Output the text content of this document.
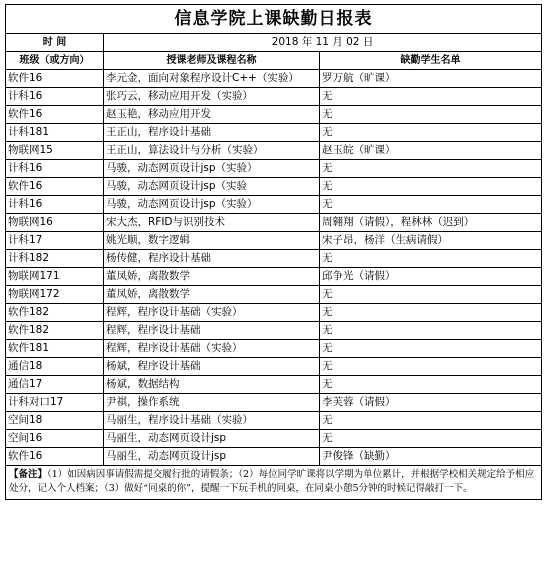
信息学院上课缺勤日报表		
时 间	2018 年 11 月 02 日	
班级（或方向）	授课老师及课程名称	缺勤学生名单
软件16	李元金，面向对象程序设计C++（实验）	罗万航（旷课）
计科16	张巧云，移动应用开发（实验）	无
软件16	赵玉艳，移动应用开发	无
计科181	王正山，程序设计基础	无
物联网15	王正山，算法设计与分析（实验）	赵玉皖（旷课）
计科16	马骏，动态网页设计jsp（实验）	无
软件16	马骏，动态网页设计jsp（实验	无
计科16	马骏，动态网页设计jsp（实验）	无
物联网16	宋大杰，RFID与识别技术	周翱翔（请假），程林林（迟到）
计科17	姚光顺，数字逻辑	宋子昂，杨洋（生病请假）
计科182	杨传健，程序设计基础	无
物联网171	董凤娇，离散数学	邱争光（请假）
物联网172	董凤娇，离散数学	无
软件182	程辉，程序设计基础（实验）	无
软件182	程辉，程序设计基础	无
软件181	程辉，程序设计基础（实验）	无
通信18	杨斌，程序设计基础	无
通信17	杨斌，数据结构	无
计科对口17	尹祺，操作系统	李芙蓉（请假）
空间18	马丽生，程序设计基础（实验）	无
空间16	马丽生，动态网页设计jsp	无
软件16	马丽生，动态网页设计jsp	尹俊锋（缺勤）
【备注】（1）如因病因事请假需提交履行批的请假条；（2）每位同学旷课将以学期为单位累计，并根据学校相关规定给予相应处分，记入个人档案；（3）做好“同桌的你”，提醒一下玩手机的同桌，在同桌小憩5分钟的时候记得敲打一下。		
